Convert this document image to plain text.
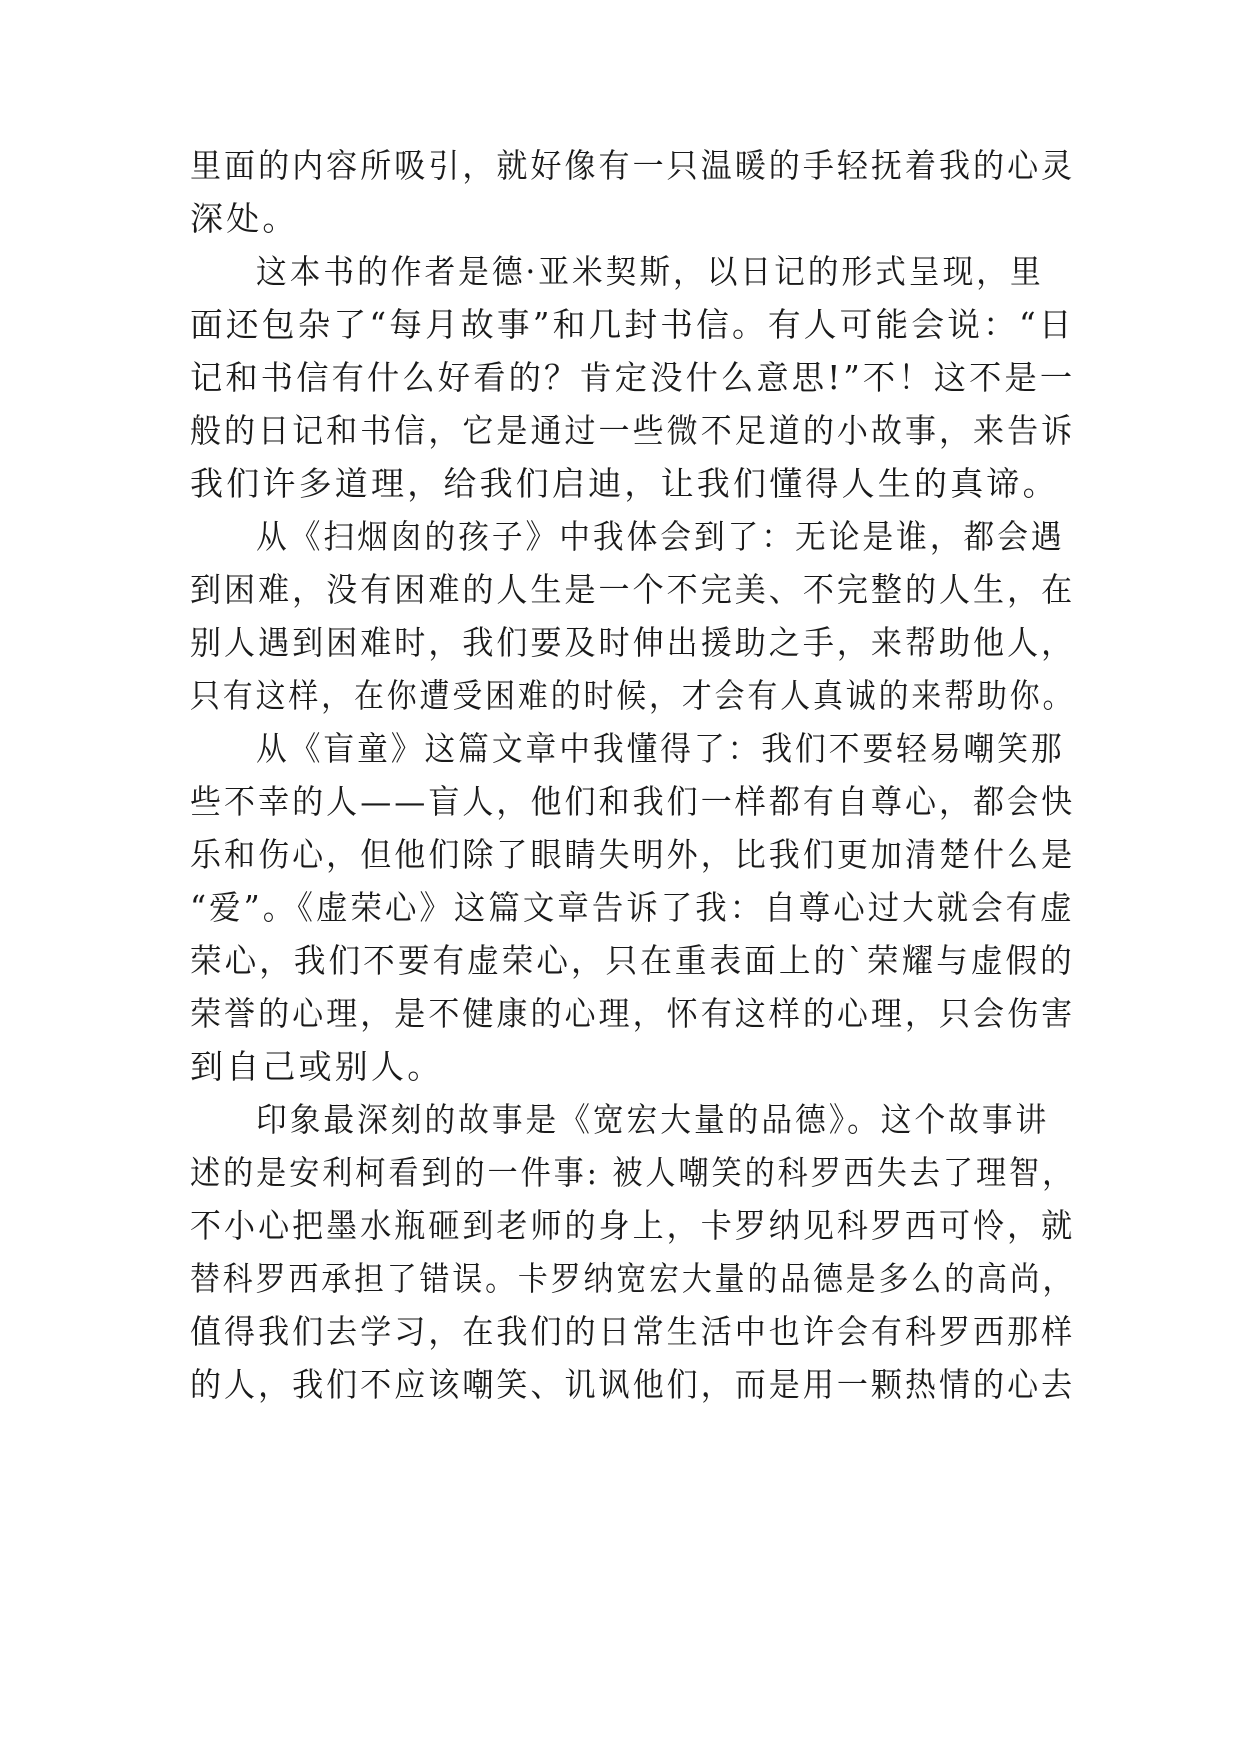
里面的内容所吸引，就好像有一只温暖的手轻抚着我的心灵
深处。
这本书的作者是德·亚米契斯，以日记的形式呈现，里
面还包杂了“每月故事”和几封书信。有人可能会说：“日
记和书信有什么好看的？肯定没什么意思!”不！这不是一
般的日记和书信，它是通过一些微不足道的小故事，来告诉
我们许多道理，给我们启迪，让我们懂得人生的真谛。
从《扫烟囱的孩子》中我体会到了：无论是谁，都会遇
到困难，没有困难的人生是一个不完美、不完整的人生，在
别人遇到困难时，我们要及时伸出援助之手，来帮助他人，
只有这样，在你遭受困难的时候，才会有人真诚的来帮助你。
从《盲童》这篇文章中我懂得了：我们不要轻易嘲笑那
些不幸的人——盲人，他们和我们一样都有自尊心，都会快
乐和伤心，但他们除了眼睛失明外，比我们更加清楚什么是
“爱”。《虚荣心》这篇文章告诉了我：自尊心过大就会有虚
荣心，我们不要有虚荣心，只在重表面上的`荣耀与虚假的
荣誉的心理，是不健康的心理，怀有这样的心理，只会伤害
到自己或别人。
印象最深刻的故事是《宽宏大量的品德》。这个故事讲
述的是安利柯看到的一件事: 被人嘲笑的科罗西失去了理智，
不小心把墨水瓶砸到老师的身上，卡罗纳见科罗西可怜，就
替科罗西承担了错误。卡罗纳宽宏大量的品德是多么的高尚，
值得我们去学习，在我们的日常生活中也许会有科罗西那样
的人，我们不应该嘲笑、讥讽他们，而是用一颗热情的心去
